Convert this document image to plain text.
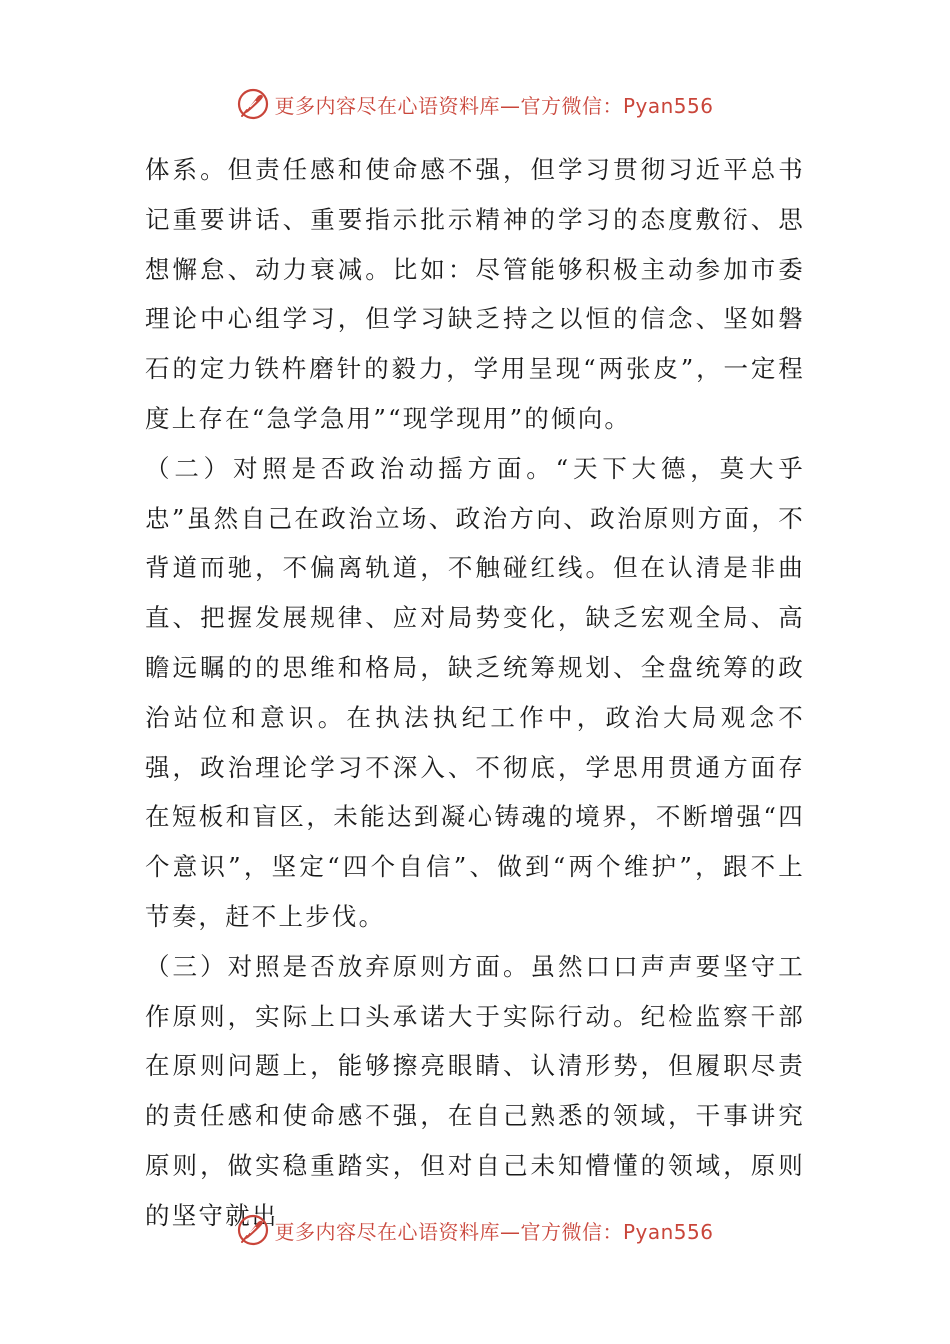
更多内容尽在心语资料库—官方微信：Pyan556

体系。但责任感和使命感不强，但学习贯彻习近平总书记重要讲话、重要指示批示精神的学习的态度敷衍、思想懈怠、动力衰减。比如：尽管能够积极主动参加市委理论中心组学习，但学习缺乏持之以恒的信念、坚如磐石的定力铁杵磨针的毅力，学用呈现“两张皮”，一定程度上存在“急学急用”“现学现用”的倾向。

（二）对照是否政治动摇方面。“天下大德，莫大乎忠”虽然自己在政治立场、政治方向、政治原则方面，不背道而驰，不偏离轨道，不触碰红线。但在认清是非曲直、把握发展规律、应对局势变化，缺乏宏观全局、高瞻远瞩的的思维和格局，缺乏统筹规划、全盘统筹的政治站位和意识。在执法执纪工作中，政治大局观念不强，政治理论学习不深入、不彻底，学思用贯通方面存在短板和盲区，未能达到凝心铸魂的境界，不断增强“四个意识”，坚定“四个自信”、做到“两个维护”，跟不上节奏，赶不上步伐。

（三）对照是否放弃原则方面。虽然口口声声要坚守工作原则，实际上口头承诺大于实际行动。纪检监察干部在原则问题上，能够擦亮眼睛、认清形势，但履职尽责的责任感和使命感不强，在自己熟悉的领域，干事讲究原则，做实稳重踏实，但对自己未知懵懂的领域，原则的坚守就出

更多内容尽在心语资料库—官方微信：Pyan556
